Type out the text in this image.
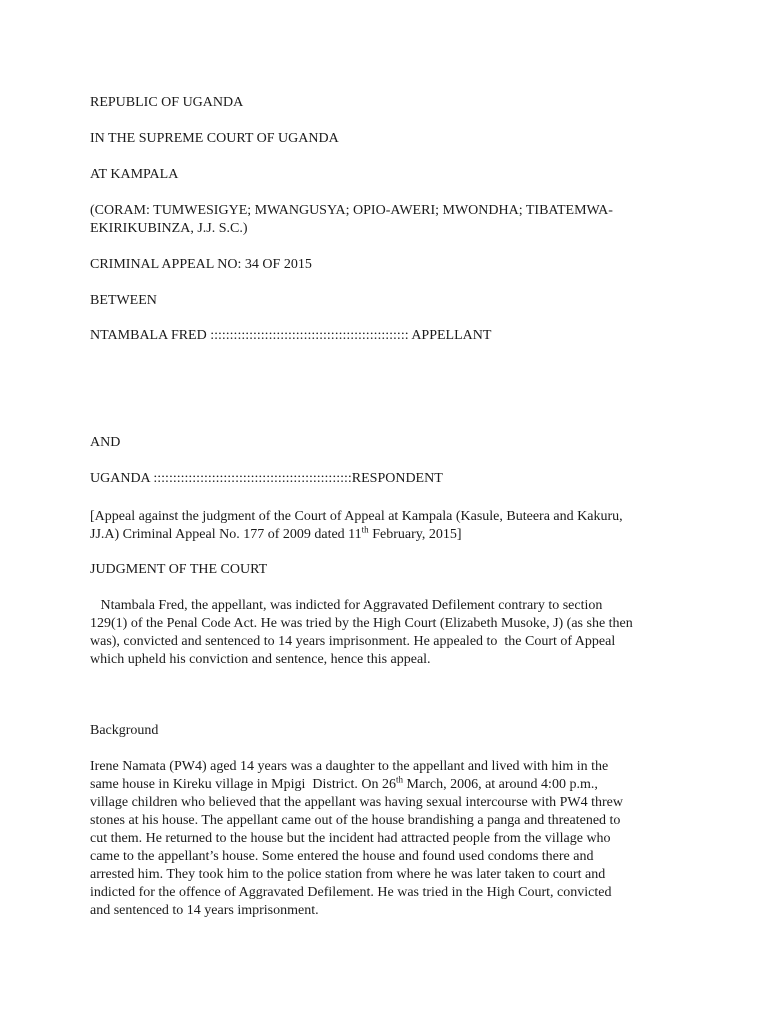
REPUBLIC OF UGANDA
IN THE SUPREME COURT OF UGANDA
AT KAMPALA
(CORAM: TUMWESIGYE; MWANGUSYA; OPIO-AWERI; MWONDHA; TIBATEMWA-
EKIRIKUBINZA, J.J. S.C.)
CRIMINAL APPEAL NO: 34 OF 2015
BETWEEN
NTAMBALA FRED ::::::::::::::::::::::::::::::::::::::::::::::::::: APPELLANT
AND
UGANDA :::::::::::::::::::::::::::::::::::::::::::::::::::RESPONDENT
[Appeal against the judgment of the Court of Appeal at Kampala (Kasule, Buteera and Kakuru,
JJ.A) Criminal Appeal No. 177 of 2009 dated 11th February, 2015]
JUDGMENT OF THE COURT
Ntambala Fred, the appellant, was indicted for Aggravated Defilement contrary to section
129(1) of the Penal Code Act. He was tried by the High Court (Elizabeth Musoke, J) (as she then
was), convicted and sentenced to 14 years imprisonment. He appealed to  the Court of Appeal
which upheld his conviction and sentence, hence this appeal.
Background
Irene Namata (PW4) aged 14 years was a daughter to the appellant and lived with him in the
same house in Kireku village in Mpigi  District. On 26th March, 2006, at around 4:00 p.m.,
village children who believed that the appellant was having sexual intercourse with PW4 threw
stones at his house. The appellant came out of the house brandishing a panga and threatened to
cut them. He returned to the house but the incident had attracted people from the village who
came to the appellant’s house. Some entered the house and found used condoms there and
arrested him. They took him to the police station from where he was later taken to court and
indicted for the offence of Aggravated Defilement. He was tried in the High Court, convicted
and sentenced to 14 years imprisonment.
